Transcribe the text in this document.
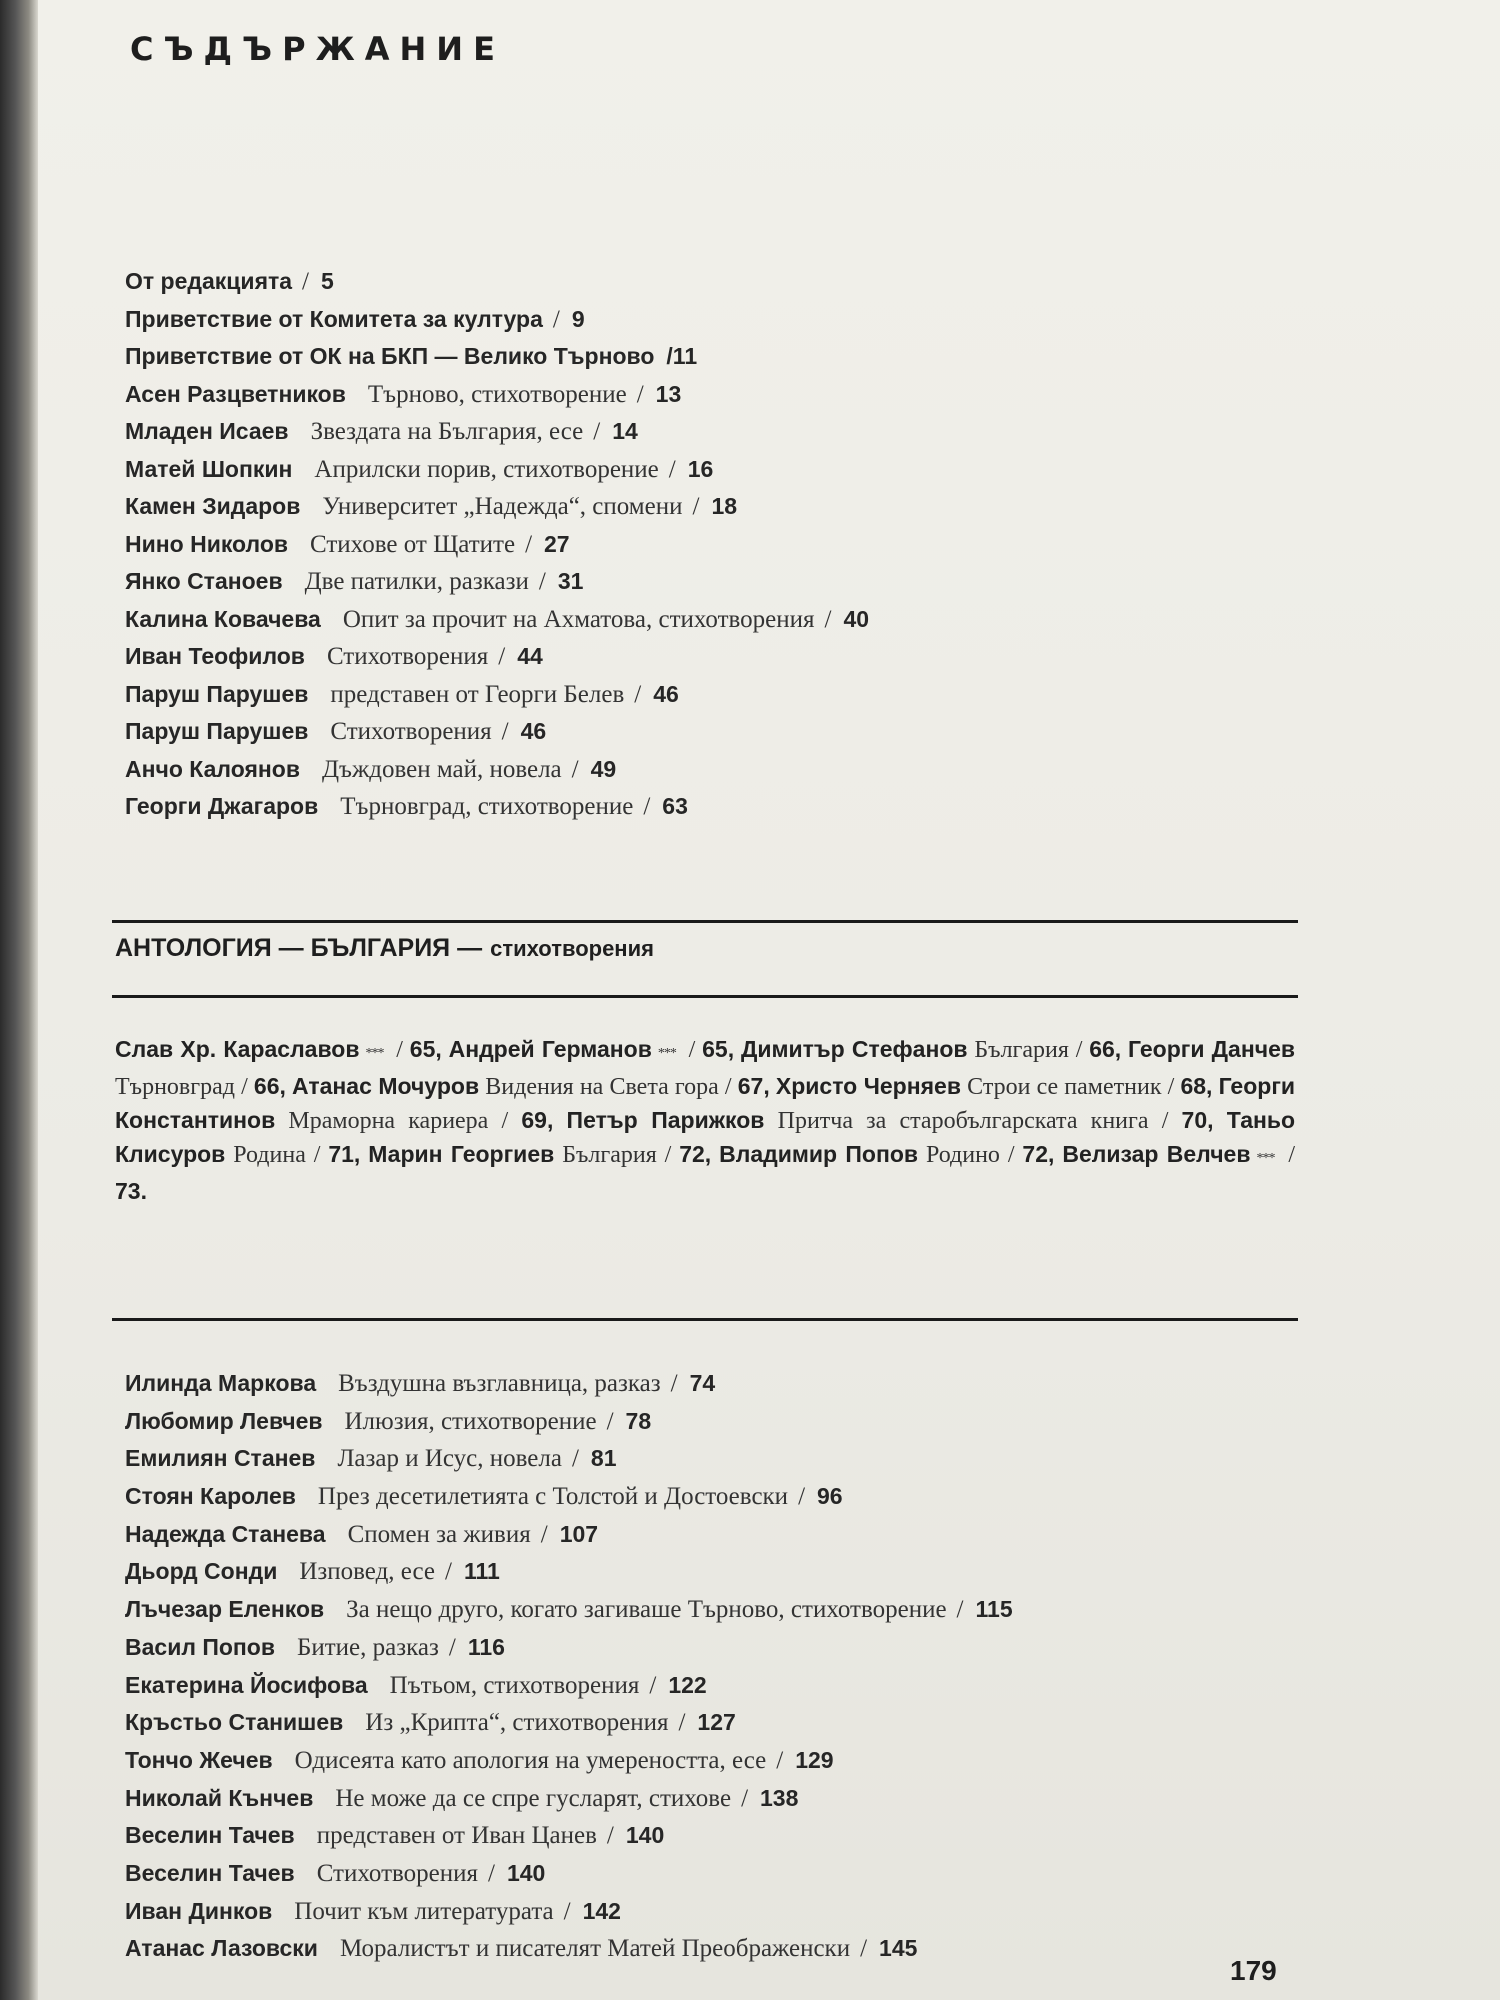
СЪДЪРЖАНИЕ
От редакцията / 5
Приветствие от Комитета за култура / 9
Приветствие от ОК на БКП — Велико Търново /11
Асен Разцветников Търново, стихотворение / 13
Младен Исаев Звездата на България, есе / 14
Матей Шопкин Априлски порив, стихотворение / 16
Камен Зидаров Университет „Надежда“, спомени / 18
Нино Николов Стихове от Щатите / 27
Янко Станоев Две патилки, разкази / 31
Калина Ковачева Опит за прочит на Ахматова, стихотворения / 40
Иван Теофилов Стихотворения / 44
Паруш Парушев представен от Георги Белев / 46
Паруш Парушев Стихотворения / 46
Анчо Калоянов Дъждовен май, новела / 49
Георги Джагаров Търновград, стихотворение / 63
АНТОЛОГИЯ — БЪЛГАРИЯ — стихотворения
Слав Хр. Караславов *** / 65, Андрей Германов *** / 65, Димитър Стефанов България / 66, Георги Данчев Търновград / 66, Атанас Мочуров Видения на Света гора / 67, Христо Черняев Строи се паметник / 68, Георги Константинов Мраморна кариера / 69, Петър Парижков Притча за старобългарската книга / 70, Таньо Клисуров Родина / 71, Марин Георгиев България / 72, Владимир Попов Родино / 72, Велизар Велчев *** / 73.
Илинда Маркова Въздушна възглавница, разказ / 74
Любомир Левчев Илюзия, стихотворение / 78
Емилиян Станев Лазар и Исус, новела / 81
Стоян Каролев През десетилетията с Толстой и Достоевски / 96
Надежда Станева Спомен за живия / 107
Дьорд Сонди Изповед, есе / 111
Лъчезар Еленков За нещо друго, когато загиваше Търново, стихотворение / 115
Васил Попов Битие, разказ / 116
Екатерина Йосифова Пътьом, стихотворения / 122
Кръстьо Станишев Из „Крипта“, стихотворения / 127
Тончо Жечев Одисеята като апология на умереността, есе / 129
Николай Кънчев Не може да се спре гусларят, стихове / 138
Веселин Тачев представен от Иван Цанев / 140
Веселин Тачев Стихотворения / 140
Иван Динков Почит към литературата / 142
Атанас Лазовски Моралистът и писателят Матей Преображенски / 145
179
